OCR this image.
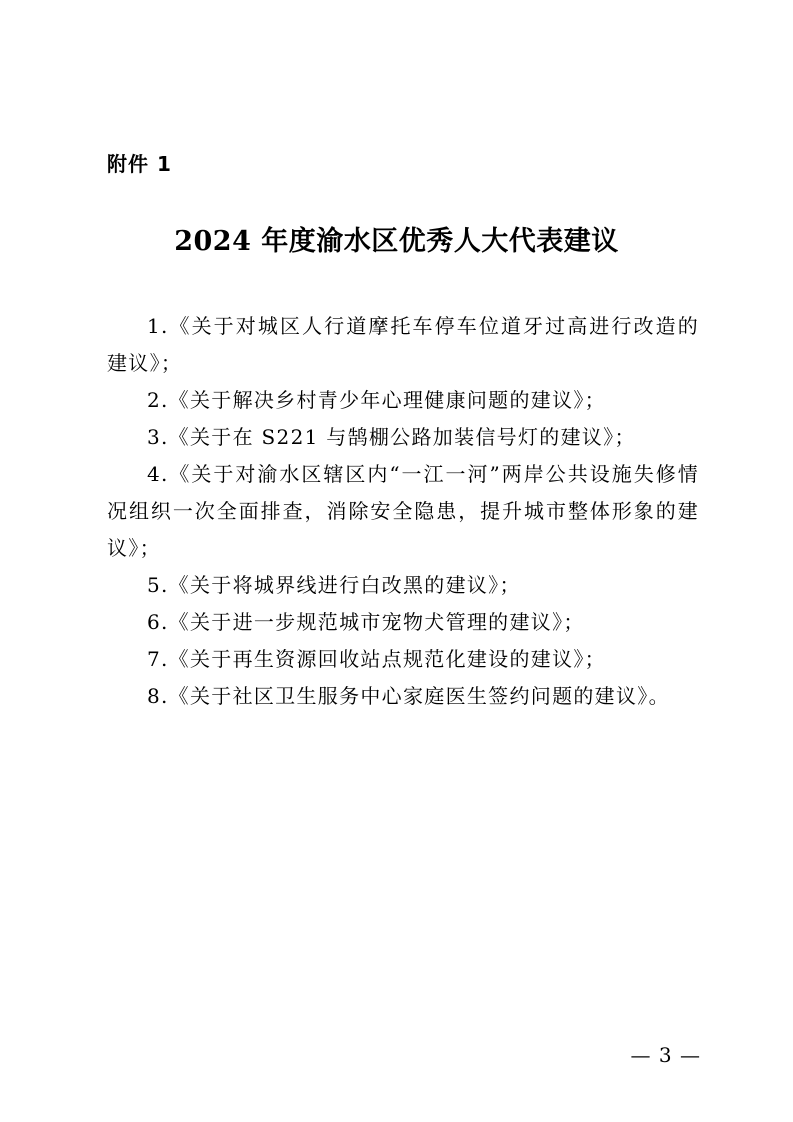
附件 1
2024 年度渝水区优秀人大代表建议
1.《关于对城区人行道摩托车停车位道牙过高进行改造的建议》；
2.《关于解决乡村青少年心理健康问题的建议》；
3.《关于在 S221 与鹄棚公路加装信号灯的建议》；
4.《关于对渝水区辖区内“一江一河”两岸公共设施失修情况组织一次全面排查，消除安全隐患，提升城市整体形象的建议》；
5.《关于将城界线进行白改黑的建议》；
6.《关于进一步规范城市宠物犬管理的建议》；
7.《关于再生资源回收站点规范化建设的建议》；
8.《关于社区卫生服务中心家庭医生签约问题的建议》。
— 3 —
